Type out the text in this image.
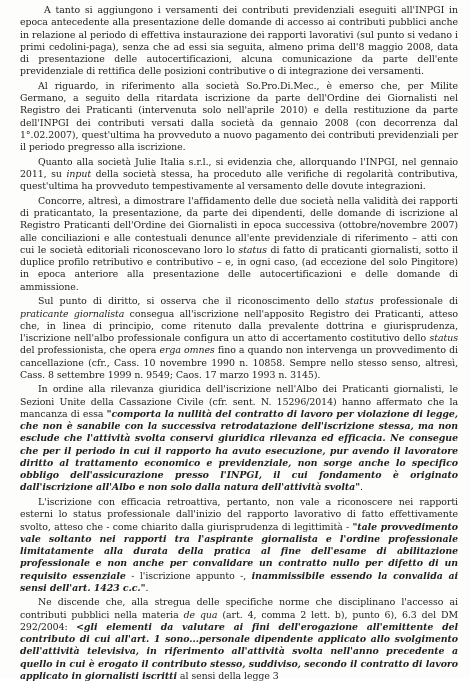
A tanto si aggiungono i versamenti dei contributi previdenziali eseguiti all'INPGI in epoca antecedente alla presentazione delle domande di accesso ai contributi pubblici anche in relazione al periodo di effettiva instaurazione dei rapporti lavorativi (sul punto si vedano i primi cedolini-paga), senza che ad essi sia seguita, almeno prima dell'8 maggio 2008, data di presentazione delle autocertificazioni, alcuna comunicazione da parte dell'ente previdenziale di rettifica delle posizioni contributive o di integrazione dei versamenti.

Al riguardo, in riferimento alla società So.Pro.Di.Mec., è emerso che, per Milite Germano, a seguito della ritardata iscrizione da parte dell'Ordine dei Giornalisti nel Registro dei Praticanti (intervenuta solo nell'aprile 2010) e della restituzione da parte dell'INPGI dei contributi versati dalla società da gennaio 2008 (con decorrenza dal 1°.02.2007), quest'ultima ha provveduto a nuovo pagamento dei contributi previdenziali per il periodo pregresso alla iscrizione.

Quanto alla società Julie Italia s.r.l., si evidenzia che, allorquando l'INPGI, nel gennaio 2011, su input della società stessa, ha proceduto alle verifiche di regolarità contributiva, quest'ultima ha provveduto tempestivamente al versamento delle dovute integrazioni.

Concorre, altresì, a dimostrare l'affidamento delle due società nella validità dei rapporti di praticantato, la presentazione, da parte dei dipendenti, delle domande di iscrizione al Registro Praticanti dell'Ordine dei Giornalisti in epoca successiva (ottobre/novembre 2007) alle conciliazioni e alle contestuali denunce all'ente previdenziale di riferimento – atti con cui le società editoriali riconoscevano loro lo status di fatto di praticanti giornalisti, sotto il duplice profilo retributivo e contributivo – e, in ogni caso, (ad eccezione del solo Pingitore) in epoca anteriore alla presentazione delle autocertificazioni e delle domande di ammissione.

Sul punto di diritto, si osserva che il riconoscimento dello status professionale di praticante giornalista consegua all'iscrizione nell'apposito Registro dei Praticanti, atteso che, in linea di principio, come ritenuto dalla prevalente dottrina e giurisprudenza, l'iscrizione nell'albo professionale configura un atto di accertamento costitutivo dello status del professionista, che opera erga omnes fino a quando non intervenga un provvedimento di cancellazione (cfr., Cass. 10 novembre 1990 n. 10858. Sempre nello stesso senso, altresì, Cass. 8 settembre 1999 n. 9549; Caos. 17 marzo 1993 n. 3145).

In ordine alla rilevanza giuridica dell'iscrizione nell'Albo dei Praticanti giornalisti, le Sezioni Unite della Cassazione Civile (cfr. sent. N. 15296/2014) hanno affermato che la mancanza di essa "comporta la nullità del contratto di lavoro per violazione di legge, che non è sanabile con la successiva retrodatazione dell'iscrizione stessa, ma non esclude che l'attività svolta conservi giuridica rilevanza ed efficacia. Ne consegue che per il periodo in cui il rapporto ha avuto esecuzione, pur avendo il lavoratore diritto al trattamento economico e previdenziale, non sorge anche lo specifico obbligo dell'assicurazione presso l'INPGI, il cui fondamento è originato dall'iscrizione all'Albo e non solo dalla natura dell'attività svolta".

L'iscrizione con efficacia retroattiva, pertanto, non vale a riconoscere nei rapporti esterni lo status professionale dall'inizio del rapporto lavorativo di fatto effettivamente svolto, atteso che - come chiarito dalla giurisprudenza di legittimità - "tale provvedimento vale soltanto nei rapporti tra l'aspirante giornalista e l'ordine professionale limitatamente alla durata della pratica al fine dell'esame di abilitazione professionale e non anche per convalidare un contratto nullo per difetto di un requisito essenziale - l'iscrizione appunto -, inammissibile essendo la convalida ai sensi dell'art. 1423 c.c.".

Ne discende che, alla stregua delle specifiche norme che disciplinano l'accesso ai contributi pubblici nella materia de qua (art. 4, comma 2 lett. b), punto 6), 6.3 del DM 292/2004: <gli elementi da valutare ai fini dell'erogazione all'emittente del contributo di cui all'art. 1 sono...personale dipendente applicato allo svolgimento dell'attività televisiva, in riferimento all'attività svolta nell'anno precedente a quello in cui è erogato il contributo stesso, suddiviso, secondo il contratto di lavoro applicato in giornalisti iscritti al sensi della legge 3
